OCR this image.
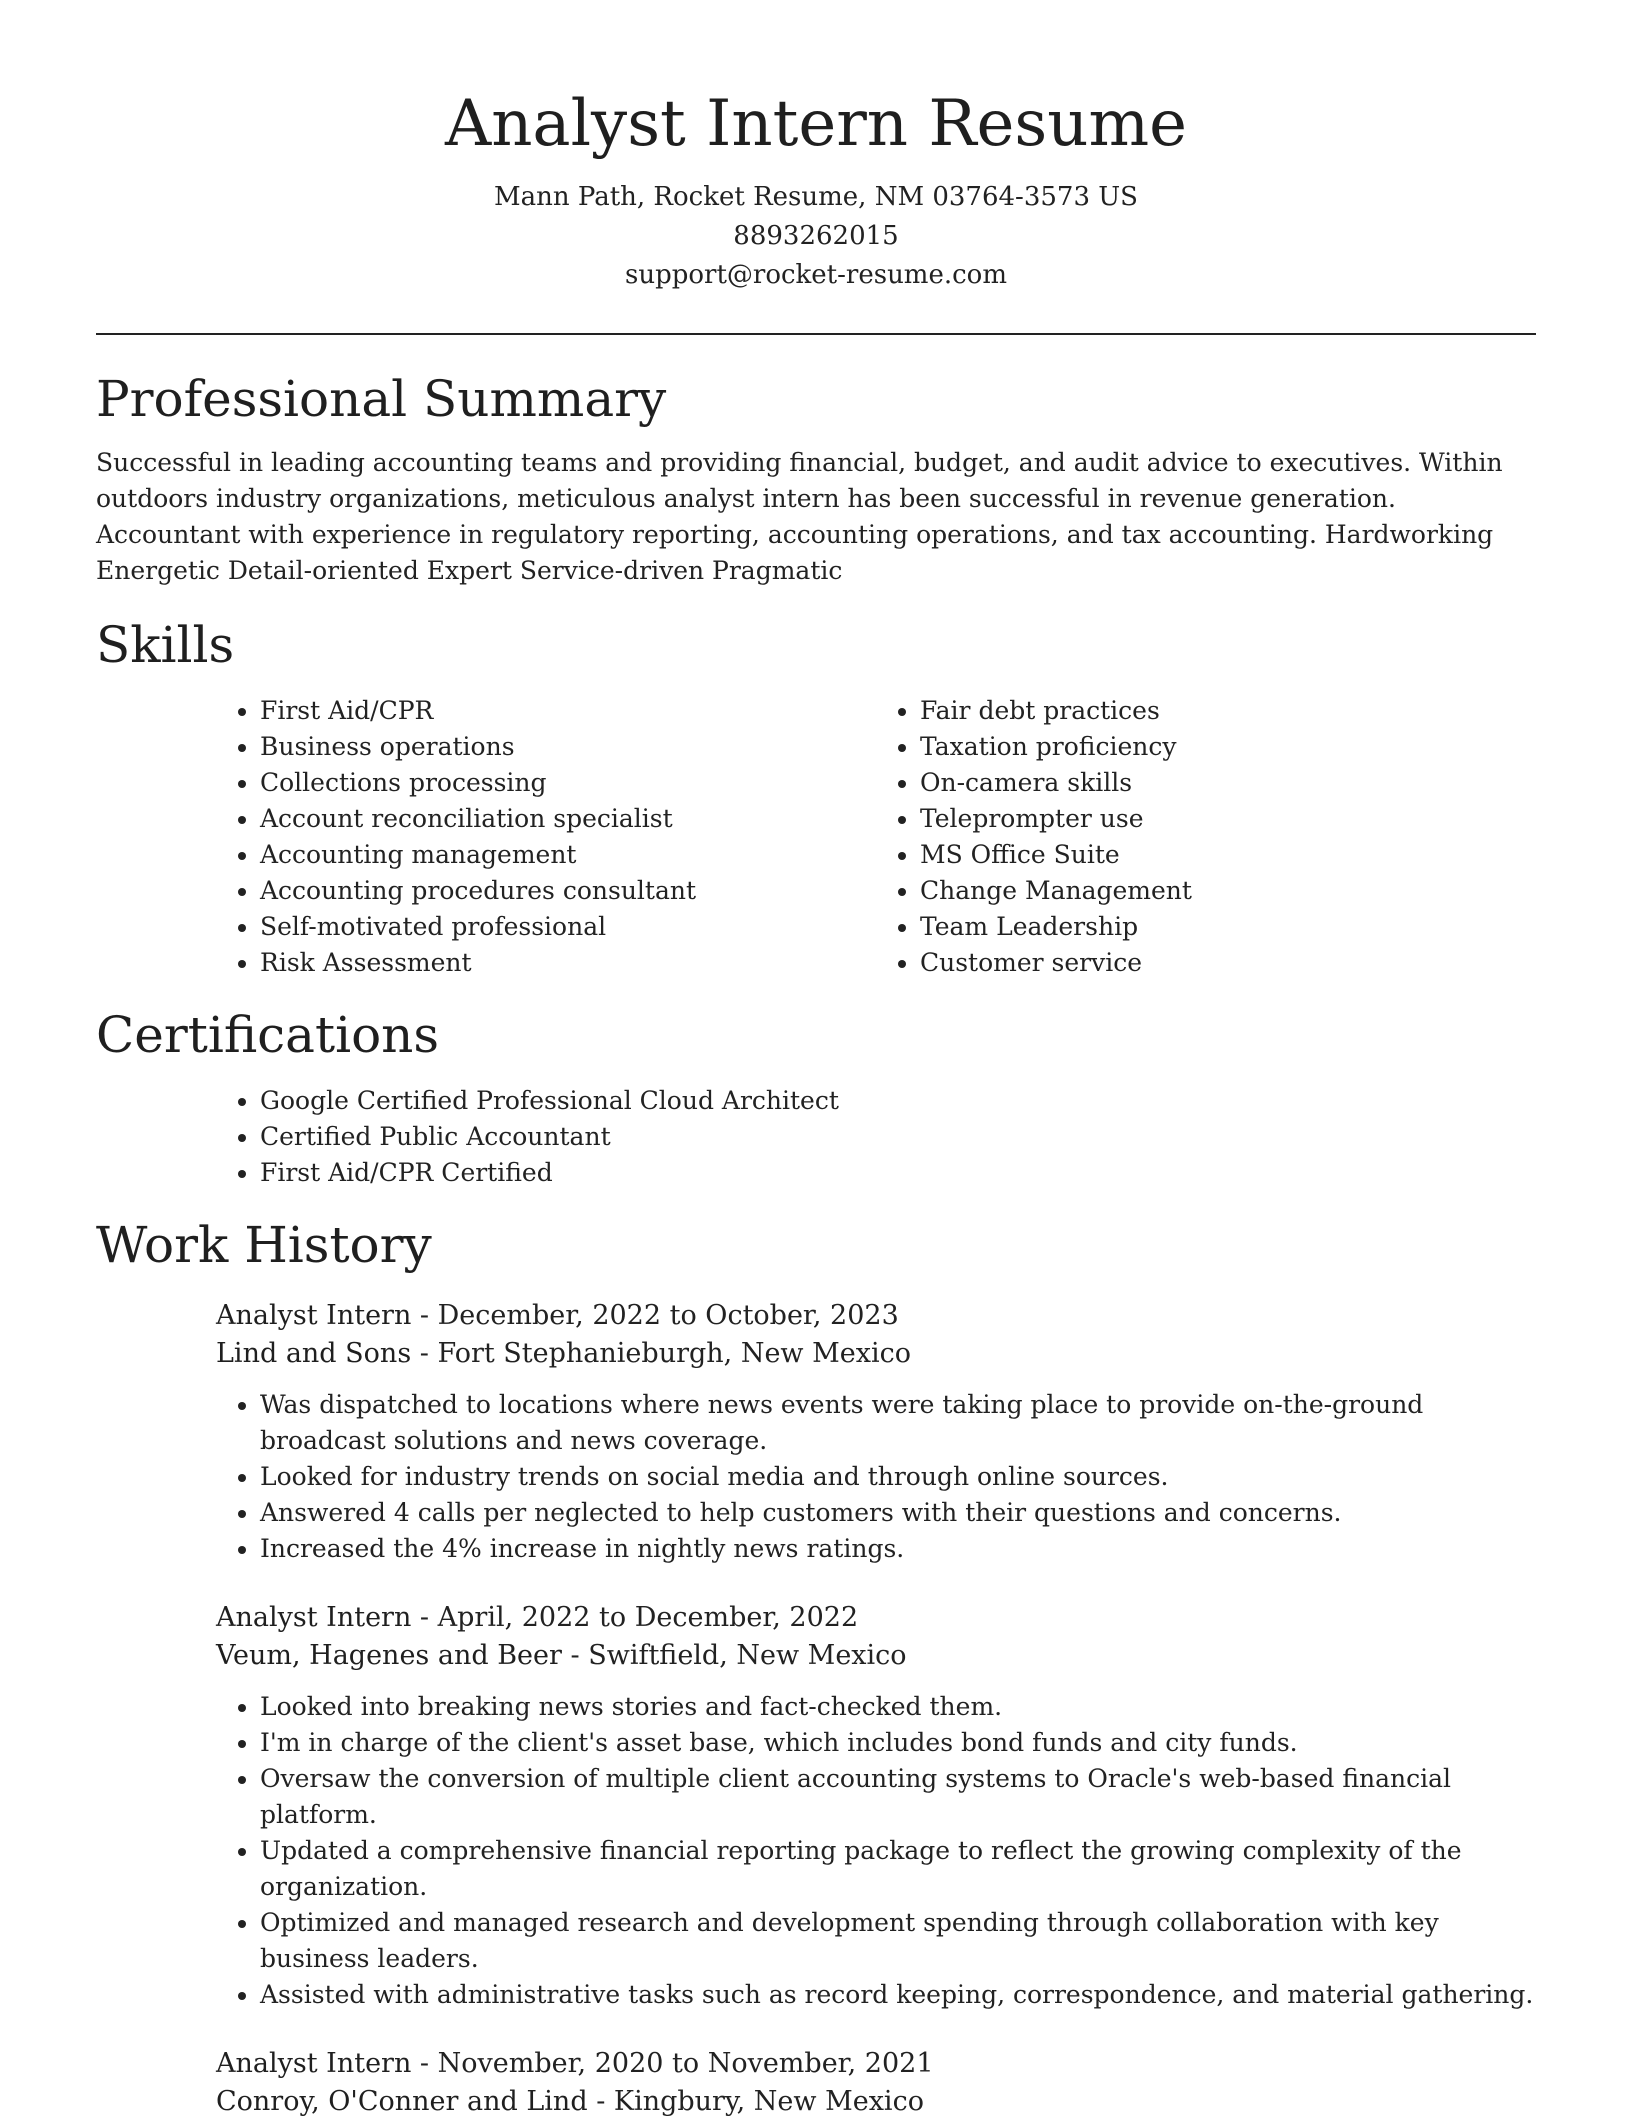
Analyst Intern Resume

Mann Path, Rocket Resume, NM 03764-3573 US

8893262015

support@rocket-resume.com

Professional Summary

Successful in leading accounting teams and providing financial, budget, and audit advice to executives. Within outdoors industry organizations, meticulous analyst intern has been successful in revenue generation. Accountant with experience in regulatory reporting, accounting operations, and tax accounting. Hardworking Energetic Detail-oriented Expert Service-driven Pragmatic

Skills
• First Aid/CPR
• Business operations
• Collections processing
• Account reconciliation specialist
• Accounting management
• Accounting procedures consultant
• Self-motivated professional
• Risk Assessment
• Fair debt practices
• Taxation proficiency
• On-camera skills
• Teleprompter use
• MS Office Suite
• Change Management
• Team Leadership
• Customer service
Certifications
• Google Certified Professional Cloud Architect
• Certified Public Accountant
• First Aid/CPR Certified
Work History

Analyst Intern - December, 2022 to October, 2023

Lind and Sons - Fort Stephanieburgh, New Mexico

• Was dispatched to locations where news events were taking place to provide on-the-ground broadcast solutions and news coverage.
• Looked for industry trends on social media and through online sources.
• Answered 4 calls per neglected to help customers with their questions and concerns.
• Increased the 4% increase in nightly news ratings.

Analyst Intern - April, 2022 to December, 2022

Veum, Hagenes and Beer - Swiftfield, New Mexico

• Looked into breaking news stories and fact-checked them.
• I'm in charge of the client's asset base, which includes bond funds and city funds.
• Oversaw the conversion of multiple client accounting systems to Oracle's web-based financial platform.
• Updated a comprehensive financial reporting package to reflect the growing complexity of the organization.
• Optimized and managed research and development spending through collaboration with key business leaders.
• Assisted with administrative tasks such as record keeping, correspondence, and material gathering.

Analyst Intern - November, 2020 to November, 2021

Conroy, O'Conner and Lind - Kingbury, New Mexico
